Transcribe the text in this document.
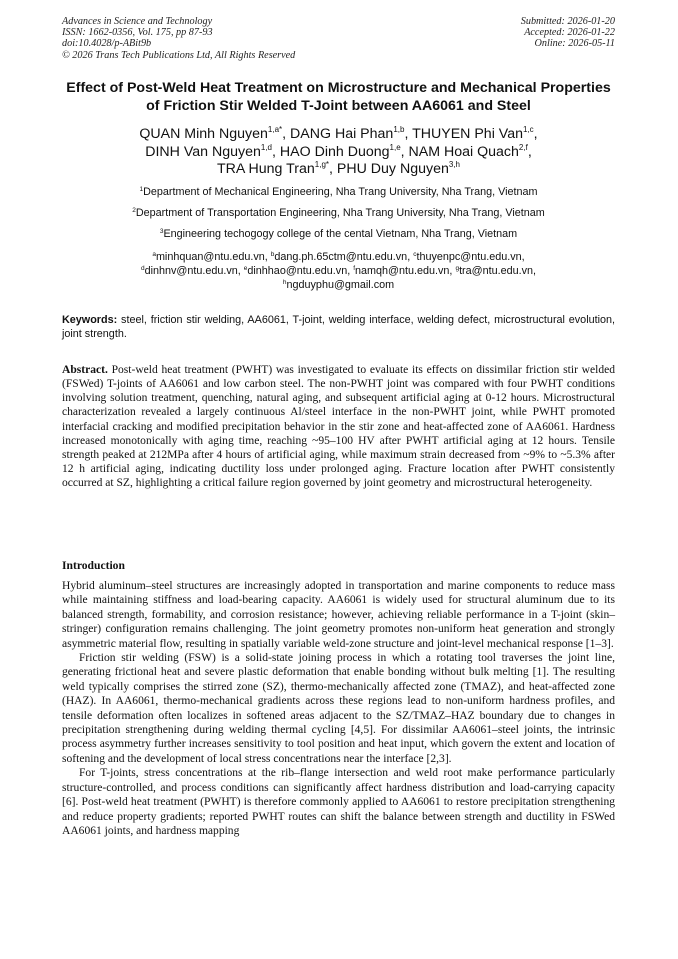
Advances in Science and Technology
ISSN: 1662-0356, Vol. 175, pp 87-93
doi:10.4028/p-ABit9b
© 2026 Trans Tech Publications Ltd, All Rights Reserved
Submitted: 2026-01-20
Accepted: 2026-01-22
Online: 2026-05-11
Effect of Post-Weld Heat Treatment on Microstructure and Mechanical Properties of Friction Stir Welded T-Joint between AA6061 and Steel
QUAN Minh Nguyen$^{1,a*}$, DANG Hai Phan$^{1,b}$, THUYEN Phi Van$^{1,c}$,
DINH Van Nguyen$^{1,d}$, HAO Dinh Duong$^{1,e}$, NAM Hoai Quach$^{2,f}$,
TRA Hung Tran$^{1,g*}$, PHU Duy Nguyen$^{3,h}$
$^1$Department of Mechanical Engineering, Nha Trang University, Nha Trang, Vietnam
$^2$Department of Transportation Engineering, Nha Trang University, Nha Trang, Vietnam
$^3$Engineering techogogy college of the cental Vietnam, Nha Trang, Vietnam
$^a$minhquan@ntu.edu.vn, $^b$dang.ph.65ctm@ntu.edu.vn, $^c$thuyenpc@ntu.edu.vn,
$^d$dinhnv@ntu.edu.vn, $^e$dinhhao@ntu.edu.vn, $^f$namqh@ntu.edu.vn, $^g$tra@ntu.edu.vn,
$^h$ngduyphu@gmail.com
Keywords: steel, friction stir welding, AA6061, T-joint, welding interface, welding defect, microstructural evolution, joint strength.
Abstract. Post-weld heat treatment (PWHT) was investigated to evaluate its effects on dissimilar friction stir welded (FSWed) T-joints of AA6061 and low carbon steel. The non-PWHT joint was compared with four PWHT conditions involving solution treatment, quenching, natural aging, and subsequent artificial aging at 0-12 hours. Microstructural characterization revealed a largely continuous Al/steel interface in the non-PWHT joint, while PWHT promoted interfacial cracking and modified precipitation behavior in the stir zone and heat-affected zone of AA6061. Hardness increased monotonically with aging time, reaching ~95–100 HV after PWHT artificial aging at 12 hours. Tensile strength peaked at 212MPa after 4 hours of artificial aging, while maximum strain decreased from ~9% to ~5.3% after 12 h artificial aging, indicating ductility loss under prolonged aging. Fracture location after PWHT consistently occurred at SZ, highlighting a critical failure region governed by joint geometry and microstructural heterogeneity.
Introduction

Hybrid aluminum–steel structures are increasingly adopted in transportation and marine components to reduce mass while maintaining stiffness and load-bearing capacity. AA6061 is widely used for structural aluminum due to its balanced strength, formability, and corrosion resistance; however, achieving reliable performance in a T-joint (skin–stringer) configuration remains challenging. The joint geometry promotes non-uniform heat generation and strongly asymmetric material flow, resulting in spatially variable weld-zone structure and joint-level mechanical response [1–3].

Friction stir welding (FSW) is a solid-state joining process in which a rotating tool traverses the joint line, generating frictional heat and severe plastic deformation that enable bonding without bulk melting [1]. The resulting weld typically comprises the stirred zone (SZ), thermo-mechanically affected zone (TMAZ), and heat-affected zone (HAZ). In AA6061, thermo-mechanical gradients across these regions lead to non-uniform hardness profiles, and tensile deformation often localizes in softened areas adjacent to the SZ/TMAZ–HAZ boundary due to changes in precipitation strengthening during welding thermal cycling [4,5]. For dissimilar AA6061–steel joints, the intrinsic process asymmetry further increases sensitivity to tool position and heat input, which govern the extent and location of softening and the development of local stress concentrations near the interface [2,3].

For T-joints, stress concentrations at the rib–flange intersection and weld root make performance particularly structure-controlled, and process conditions can significantly affect hardness distribution and load-carrying capacity [6]. Post-weld heat treatment (PWHT) is therefore commonly applied to AA6061 to restore precipitation strengthening and reduce property gradients; reported PWHT routes can shift the balance between strength and ductility in FSWed AA6061 joints, and hardness mapping
